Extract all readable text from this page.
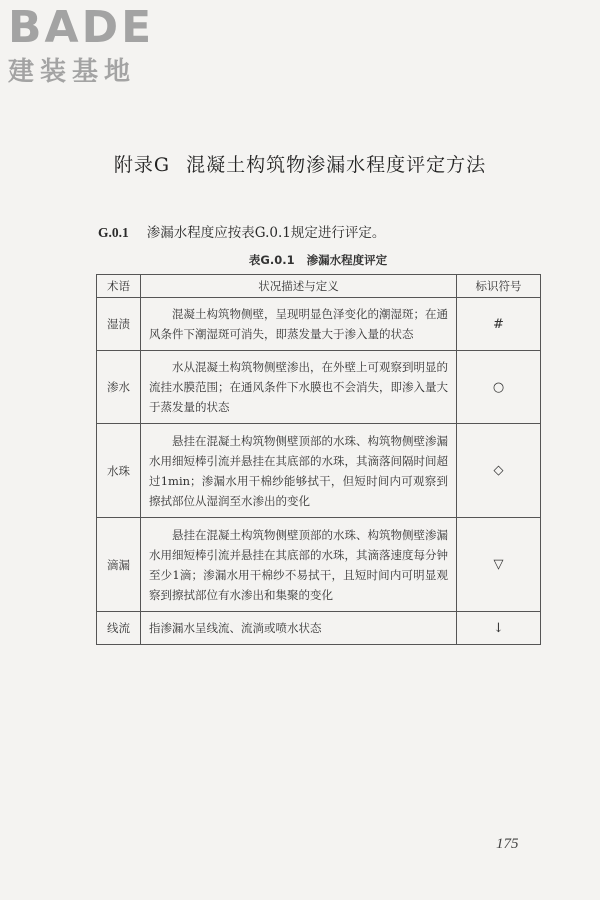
BADE
建装基地
附录G 混凝土构筑物渗漏水程度评定方法
G.0.1 渗漏水程度应按表G.0.1规定进行评定。
表G.0.1 渗漏水程度评定
术语	状况描述与定义	标识符号
湿渍	混凝土构筑物侧壁，呈现明显色泽变化的潮湿斑；在通风条件下潮湿斑可消失，即蒸发量大于渗入量的状态	#
渗水	水从混凝土构筑物侧壁渗出，在外壁上可观察到明显的流挂水膜范围；在通风条件下水膜也不会消失，即渗入量大于蒸发量的状态	○
水珠	悬挂在混凝土构筑物侧壁顶部的水珠、构筑物侧壁渗漏水用细短棒引流并悬挂在其底部的水珠，其滴落间隔时间超过1min；渗漏水用干棉纱能够拭干，但短时间内可观察到擦拭部位从湿润至水渗出的变化	◇
滴漏	悬挂在混凝土构筑物侧壁顶部的水珠、构筑物侧壁渗漏水用细短棒引流并悬挂在其底部的水珠，其滴落速度每分钟至少1滴；渗漏水用干棉纱不易拭干，且短时间内可明显观察到擦拭部位有水渗出和集聚的变化	▽
线流	指渗漏水呈线流、流淌或喷水状态	↓
175
